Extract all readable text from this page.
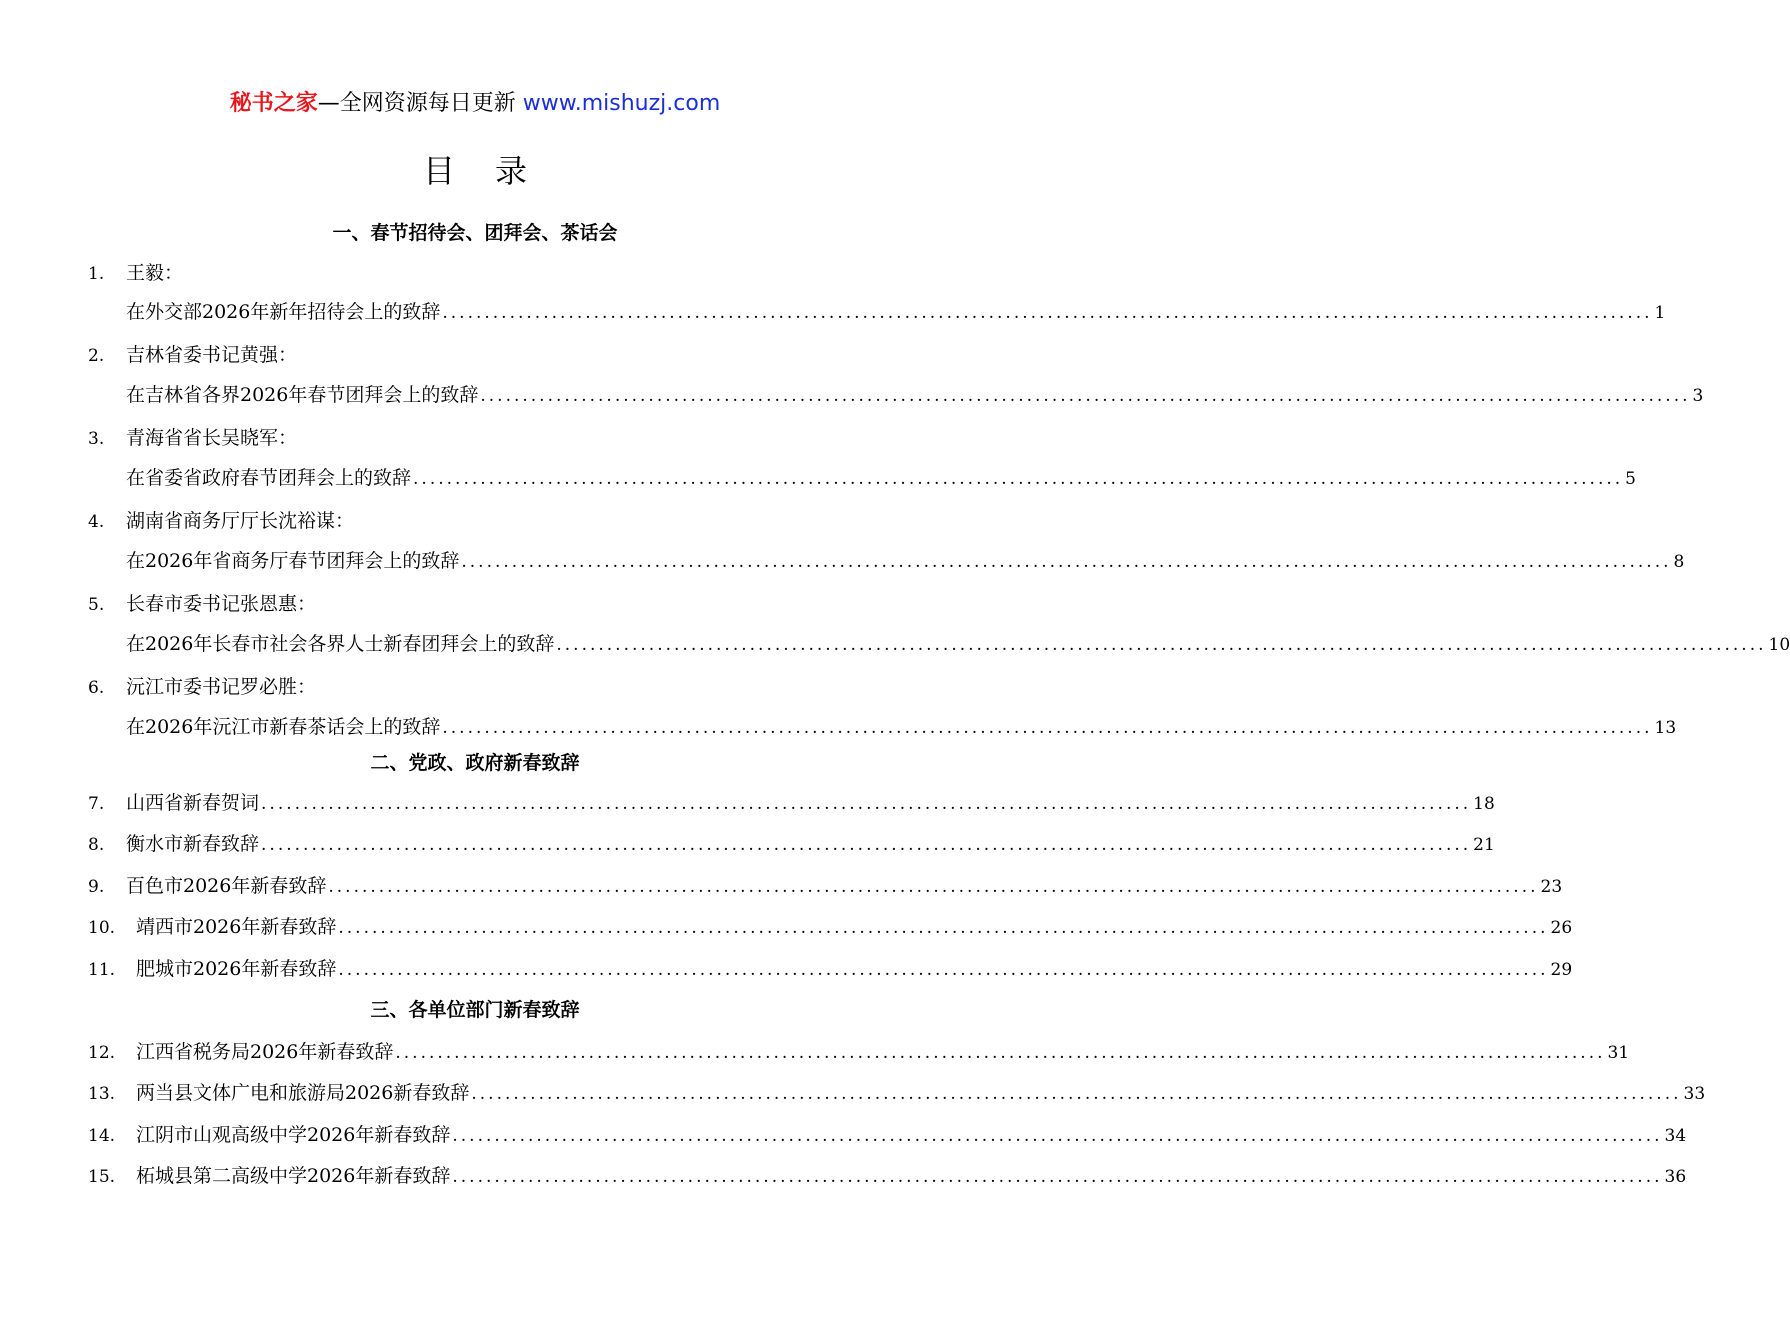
秘书之家—全网资源每日更新 www.mishuzj.com
目录
一、春节招待会、团拜会、茶话会
1.	王毅：
在外交部2026年新年招待会上的致辞 ................................................................................................................................................ 1
2.	吉林省委书记黄强：
在吉林省各界2026年春节团拜会上的致辞 ................................................................................................................................................ 3
3.	青海省省长吴晓军：
在省委省政府春节团拜会上的致辞 ................................................................................................................................................ 5
4.	湖南省商务厅厅长沈裕谋：
在2026年省商务厅春节团拜会上的致辞 ................................................................................................................................................ 8
5.	长春市委书记张恩惠：
在2026年长春市社会各界人士新春团拜会上的致辞 ................................................................................................................................................ 10
6.	沅江市委书记罗必胜：
在2026年沅江市新春茶话会上的致辞 ................................................................................................................................................ 13
二、党政、政府新春致辞
7.	山西省新春贺词 ................................................................................................................................................ 18
8.	衡水市新春致辞 ................................................................................................................................................ 21
9.	百色市2026年新春致辞 ................................................................................................................................................ 23
10.	靖西市2026年新春致辞 ................................................................................................................................................ 26
11.	肥城市2026年新春致辞 ................................................................................................................................................ 29
三、各单位部门新春致辞
12.	江西省税务局2026年新春致辞 ................................................................................................................................................ 31
13.	两当县文体广电和旅游局2026新春致辞 ................................................................................................................................................ 33
14.	江阴市山观高级中学2026年新春致辞 ................................................................................................................................................ 34
15.	柘城县第二高级中学2026年新春致辞 ................................................................................................................................................ 36
